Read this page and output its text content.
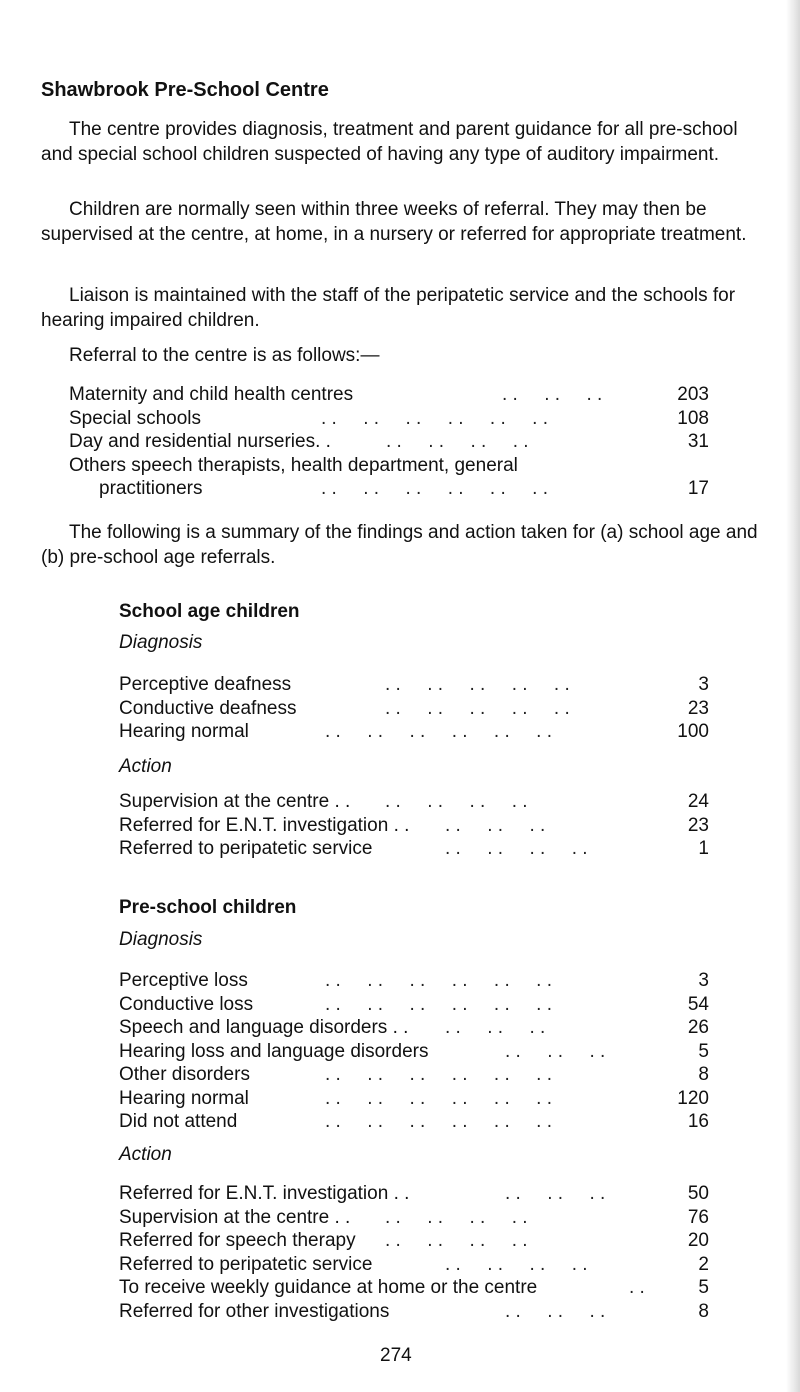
Shawbrook Pre-School Centre

The centre provides diagnosis, treatment and parent guidance for all pre-school and special school children suspected of having any type of auditory impairment.

Children are normally seen within three weeks of referral. They may then be supervised at the centre, at home, in a nursery or referred for appropriate treatment.

Liaison is maintained with the staff of the peripatetic service and the schools for hearing impaired children.

Referral to the centre is as follows:—
Maternity and child health centres	. .     . .     . .	203
Special schools	. .     . .     . .     . .     . .     . .	108
Day and residential nurseries. .	. .     . .     . .     . .	31
Others speech therapists, health department, general
practitioners	. .     . .     . .     . .     . .     . .	17

The following is a summary of the findings and action taken for (a) school age and (b) pre-school age referrals.

School age children
Diagnosis
Perceptive deafness	. .     . .     . .     . .     . .	3
Conductive deafness	. .     . .     . .     . .     . .	23
Hearing normal	. .     . .     . .     . .     . .     . .	100
Action
Supervision at the centre . . . .     . .     . .     . .	24
Referred for E.N.T. investigation . . . .     . .     . .	23
Referred to peripatetic service	. .     . .     . .     . .	1
Pre-school children
Diagnosis
Perceptive loss	. .     . .     . .     . .     . .     . .	3
Conductive loss	. .     . .     . .     . .     . .     . .	54
Speech and language disorders . . . .     . .     . .	26
Hearing loss and language disorders	. .     . .     . .	5
Other disorders	. .     . .     . .     . .     . .     . .	8
Hearing normal	. .     . .     . .     . .     . .     . .	120
Did not attend	. .     . .     . .     . .     . .     . .	16
Action
Referred for E.N.T. investigation . .	. .     . .     . .	50
Supervision at the centre . . . .     . .     . .     . .	76
Referred for speech therapy . .     . .     . .     . .	20
Referred to peripatetic service	. .     . .     . .     . .	2
To receive weekly guidance at home or the centre	. .	5
Referred for other investigations	. .     . .     . .	8
274
